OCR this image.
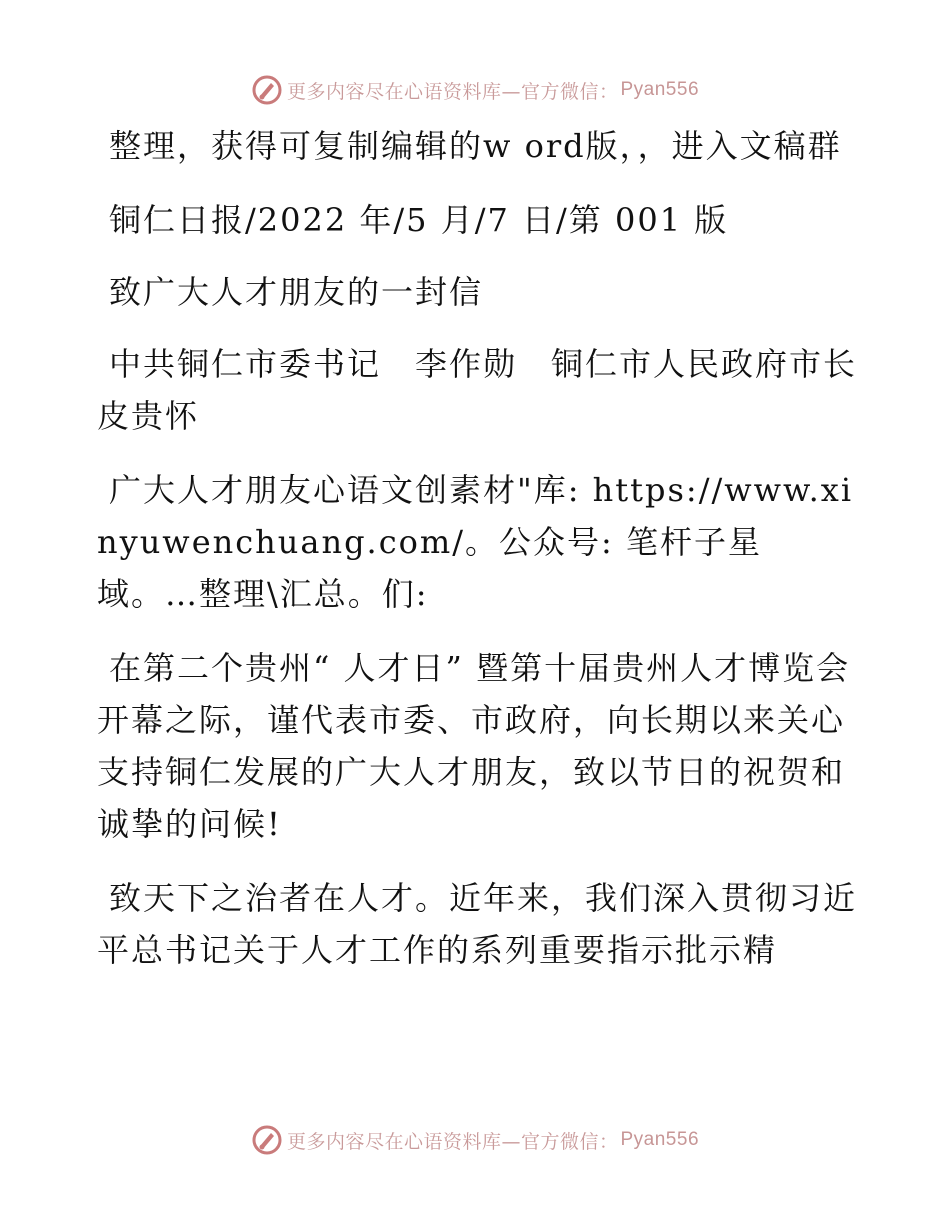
更多内容尽在心语资料库—官方微信： Pyan556

整理，获得可复制编辑的w ord版，，进入文稿群

铜仁日报/2022 年/5 月/7 日/第 001 版

致广大人才朋友的一封信

中共铜仁市委书记　李作勋　铜仁市人民政府市长　皮贵怀

广大人才朋友心语文创素材"库: https://www.xinyuwenchuang.com/。公众号: 笔杆子星域。…整理\汇总。们:

在第二个贵州“ 人才日” 暨第十届贵州人才博览会开幕之际，谨代表市委、市政府，向长期以来关心支持铜仁发展的广大人才朋友，致以节日的祝贺和诚挚的问候!

致天下之治者在人才。近年来，我们深入贯彻习近平总书记关于人才工作的系列重要指示批示精

更多内容尽在心语资料库—官方微信： Pyan556
